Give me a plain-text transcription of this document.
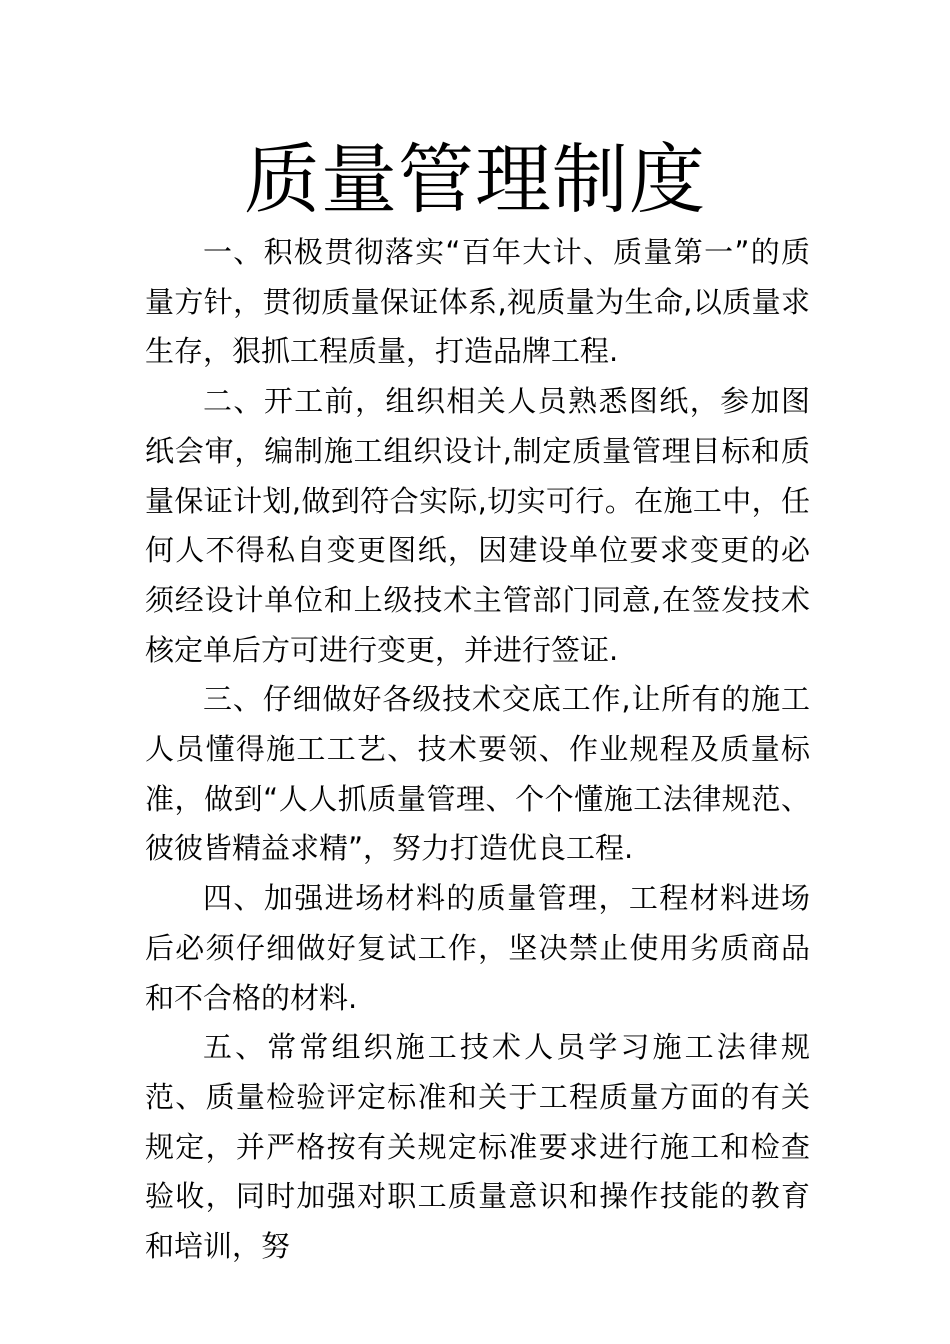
质量管理制度

一、积极贯彻落实“百年大计、质量第一”的质量方针，贯彻质量保证体系,视质量为生命,以质量求生存，狠抓工程质量，打造品牌工程.

二、开工前，组织相关人员熟悉图纸，参加图纸会审，编制施工组织设计,制定质量管理目标和质量保证计划,做到符合实际,切实可行。在施工中，任何人不得私自变更图纸，因建设单位要求变更的必须经设计单位和上级技术主管部门同意,在签发技术核定单后方可进行变更，并进行签证.

三、仔细做好各级技术交底工作,让所有的施工人员懂得施工工艺、技术要领、作业规程及质量标准，做到“人人抓质量管理、个个懂施工法律规范、彼彼皆精益求精”，努力打造优良工程.

四、加强进场材料的质量管理，工程材料进场后必须仔细做好复试工作，坚决禁止使用劣质商品和不合格的材料.

五、常常组织施工技术人员学习施工法律规范、质量检验评定标准和关于工程质量方面的有关规定，并严格按有关规定标准要求进行施工和检查验收，同时加强对职工质量意识和操作技能的教育和培训，努
